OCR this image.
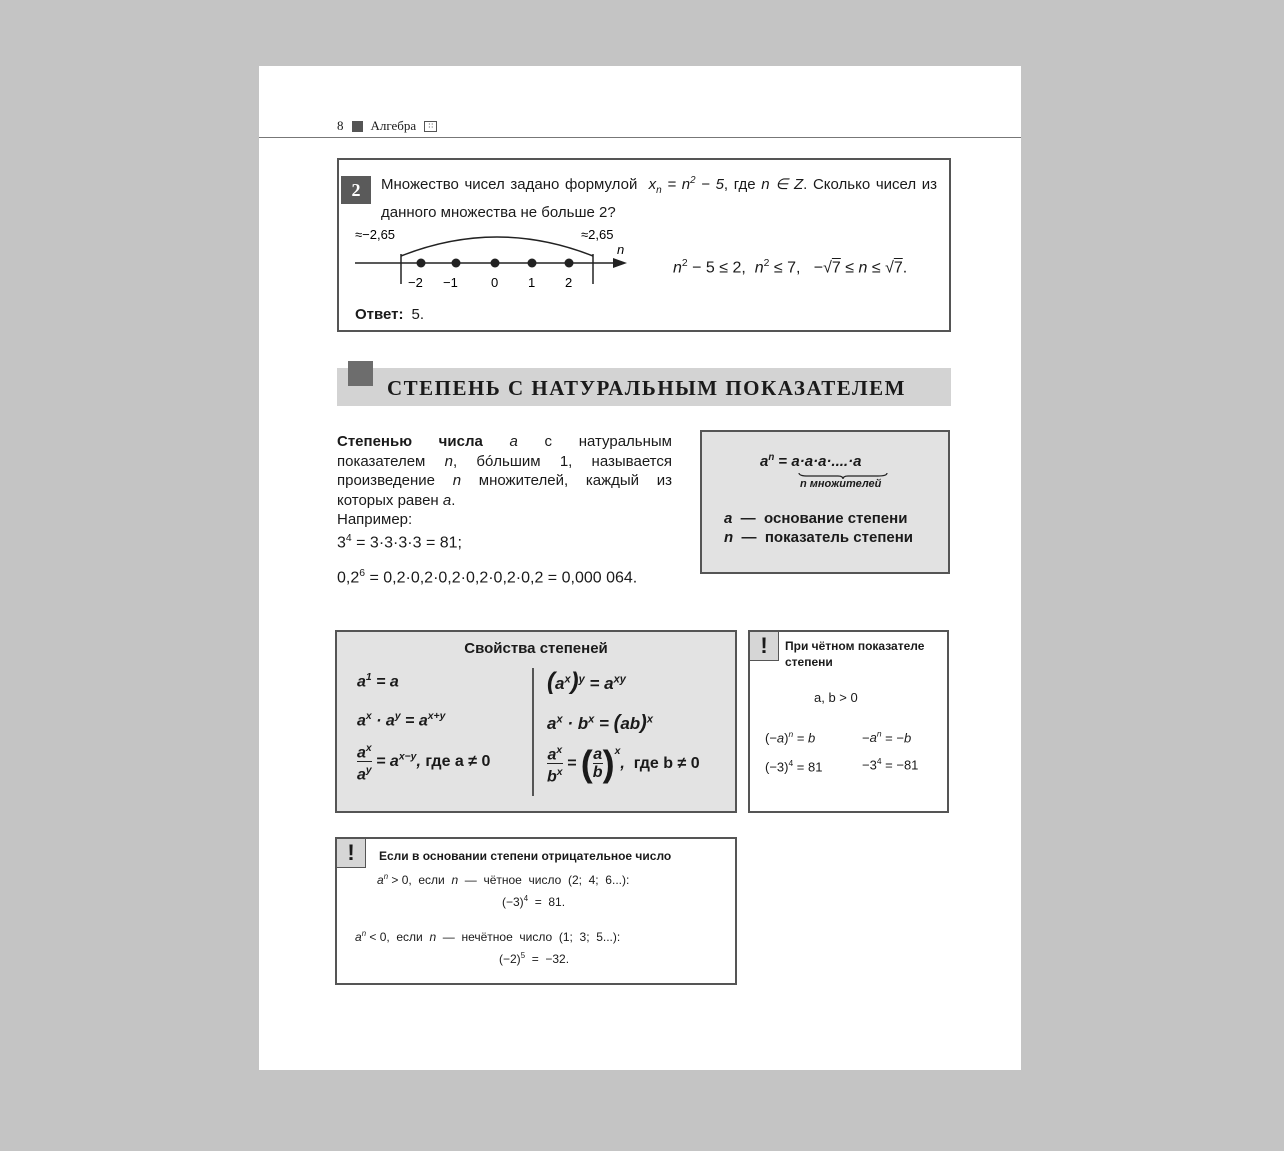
8 Алгебра	∷
2	Множество чисел задано формулой  $x_n = n^2 - 5$, где n ∈ Z. Сколько чисел из данного множества не больше 2?
≈−2,65	≈2,65
n
−2 −1	0 1 2
$n^2 - 5 \le 2$,  $n^2 \le 7$,   −√7 ≤ n ≤ √7.
Ответ: 5.
СТЕПЕНЬ С НАТУРАЛЬНЫМ ПОКАЗАТЕЛЕМ
Степенью числа a с натуральным показателем n, бóльшим 1, называется произведение n множителей, каждый из которых равен a.
Например:
$3^4 = 3\cdot 3\cdot 3\cdot 3 = 81$;
$0,2^6 = 0,2\cdot 0,2\cdot 0,2\cdot 0,2\cdot 0,2\cdot 0,2 = 0,000$ 064.
$a^n = a\cdot a\cdot a\cdot....\cdot a$
n множителей
a  —  основание степени
n  —  показатель степени
Свойства степеней
$a^1 = a$
$a^x \cdot a^y = a^{x+y}$
$\frac{a^x}{a^y} = a^{x-y}$, где a ≠ 0
$(a^x)^y = a^{xy}$
$a^x \cdot b^x = (ab)^x$
$\frac{a^x}{b^x}$ = ( $\frac{a}{b} )^x$,  где b ≠ 0
!	При чётном показателе степени
a, b > 0
$(-a)^n = b$	$-a^n = -b$
$(-3)^4 = 81$	$-3^4 = -81$
!	Если в основании степени отрицательное число
$a^n > 0$,  если  n  —  чётное  число  (2;  4;  6...):
$(-3)^4 = 81$.
$a^n < 0$,  если  n  —  нечётное  число  (1;  3;  5...):
$(-2)^5 = -32$.
